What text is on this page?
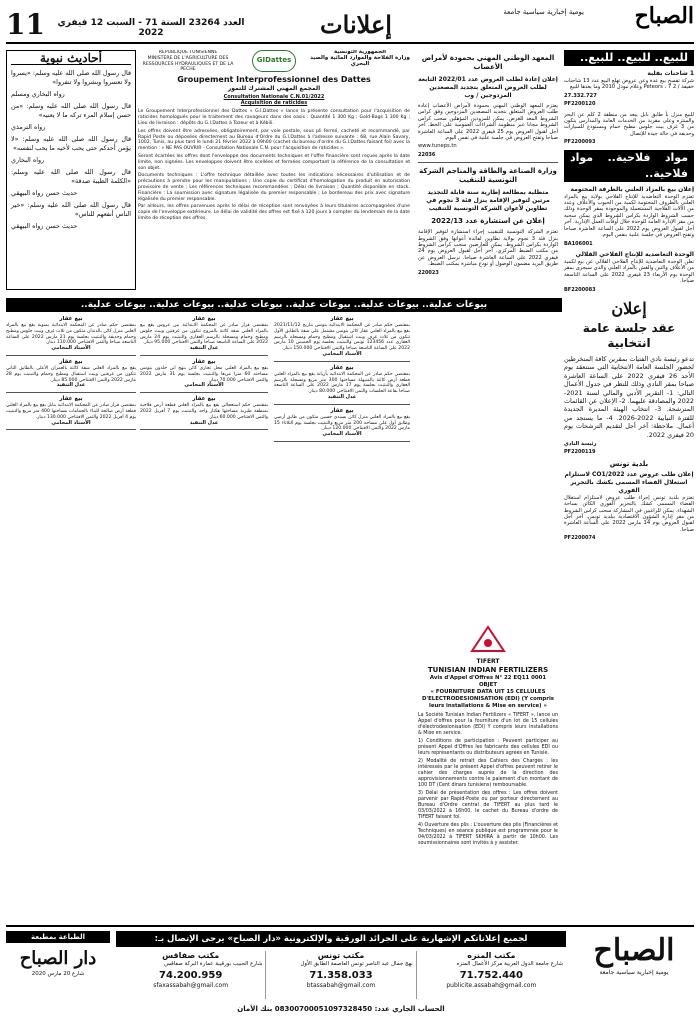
الصباح
يومية إخبارية سياسية جامعة
إعلانات
العدد 23264 السنة 71 - السبت 12 فيفري 2022
11
للبيع.. للبيع.. للبيع..
1 شاحنات بفلبة

شركة تفسخ بيع عدة وعن عروض تهلع البيع عدد 13 شاحنات خفيفة / 2 Peteors ، 7 وعلام مودل 2010 وما بعدها للبيع

27.332.727

PF2200120

للبيع منزل بأ طابق نابل يبعد من منطقة 2 كلم عن البحر والمنتزه وعلى مقربة من الخدمات العامة والمدارس يتكون من 3 غرف بيت جلوس مطبخ حمام ومستودع للسيارات وحديقة في حالة جيدة للإتصال

PF2200093
مواد فلاحية.. مواد فلاحية..
إعلان بيع بالمزاد العلني بالظرفة المختومة

تعتزم الوحدة التعاضدية للإنتاج الفلاحي بولاية بيع بالمزاد العلني بالظروف المختومة لكمية من الحبوب والأعلاف وعدد من الآلات الفلاحية المستعملة والموجودة بمقر الوحدة وذلك حسب الشروط الواردة بكراس الشروط الذي يمكن سحبه من مقر الإدارة العامة للوحدة خلال أوقات العمل الإدارية. آخر أجل لقبول العروض يوم 2022 على الساعة العاشرة صباحا وتفتح العروض في جلسة علنية بنفس اليوم.

BA106001
الوحدة التعاضدية للإنتاج الفلاحي القلالي

تعلن الوحدة التعاضدية للإنتاج الفلاحي القلالي عن بيع لكمية من الأعلاف والتبن والقش بالمزاد العلني والذي سيجرى بمقر الوحدة يوم الأربعاء 23 فيفري 2022 على الساعة التاسعة صباحا.

BF2200083
إعلان
عقد جلسة عامة انتخابية

تدعو رئيسة نادي الفتيات بمقرين كافة المنخرطين لحضور الجلسة العامة الانتخابية التي ستنعقد يوم الأحد 26 فيفري 2022 على الساعة العاشرة صباحا بمقر النادي وذلك للنظر في جدول الأعمال التالي: 1- التقرير الأدبي والمالي لسنة 2021-2022 والمصادقة عليهما. 2- الإعلان عن القائمات المترشحة. 3- انتخاب الهيئة المديرة الجديدة للفترة النيابية 2022-2026. 4- ما يستجد من أعمال. ملاحظة: آخر أجل لتقديم الترشحات يوم 20 فيفري 2022.

رئيسة النادي

PF2200119
بلدية تونس
إعلان طلب عروض عدد 2022/CO1 لاستلزام استغلال الفضاء المسمى بكشك بالتحرير الفوري

تعتزم بلدية تونس إجراء طلب عروض لاستلزام استغلال الفضاء المسمى كشك بالتحرير الفوري الكائن بساحة الشهداء. يمكن للراغبين في المشاركة سحب كراس الشروط من مقر إدارة الشؤون الاقتصادية ببلدية تونس. آخر أجل لقبول العروض يوم 14 مارس 2022 على الساعة العاشرة صباحا.

PF2200074
المعهد الوطني المهني بحمودة لأمراض الأعصاب
إعلان إعادة لطلب العروض عدد 2022/01 التابعة لطلب العروض المتعلق بتجديد المصعدين المزدوجين / وب

يعتزم المعهد الوطني المهني بحمودة لأمراض الأعصاب إعادة طلب العروض المتعلق بتجديد المصعدين المزدوجين وفق كراس الشروط المعد للغرض. يمكن للمزودين المؤهلين سحب كراس الشروط مجانا عبر منظومة الشراءات العمومية على الخط. آخر أجل لقبول العروض يوم 25 فيفري 2022 على الساعة العاشرة صباحا وتفتح العروض في جلسة علنية في نفس اليوم.

www.tuneps.tn

22036
وزارة الصناعة والطاقة والمناجم الشركة التونسية للتنقيب
متطلبة بمطالعة إطارية سنة قابلة للتجديد مرتين لتوفير الإقامة بنزل فئة 3 نجوم في تطاوين لأعوان الشركة التونسية للتنقيب
إعلان عن استشارة عدد 2022/13

تعتزم الشركة التونسية للتنقيب إجراء استشارة لتوفير الإقامة بنزل فئة 3 نجوم بولاية تطاوين لفائدة أعوانها وفق الشروط الواردة بكراس الشروط. يمكن للعارضين سحب كراس الشروط من مكتب الضبط المركزي. آخر أجل لقبول العروض يوم 24 فيفري 2022 على الساعة العاشرة صباحا. ترسل العروض عن طريق البريد مضمون الوصول أو تودع مباشرة بمكتب الضبط.

220023
REPUBLIQUE TUNISIENNE
MINISTERE DE L'AGRICULTURE DES RESSOURCES HYDRAULIQUES ET DE LA PECHE
GIDattes
الجمهورية التونسية
وزارة الفلاحة والموارد المائية والصيد البحري
Groupement Interprofessionnel des Dattes
المجمع المهني المشترك للتمور
Consultation Nationale C.N.01/2022
Acquisition de raticides

Le Groupement Interprofessionnel des Dattes « G.I.Dattes » lance la présente consultation pour l'acquisition de raticides homologués pour le traitement des ravageurs dans des oasis : Quantité 1 300 Kg ; Gold-Bags 1 300 Kg ; Lieu de livraison : dépôts du G.I.Dattes à Tozeur et à Kébili.

Les offres doivent être adressées, obligatoirement, par voie postale, sous pli fermé, cacheté et recommandé, par Rapid Poste ou déposées directement au Bureau d'Ordre du G.I.Dattes à l'adresse suivante : 68, rue Alain Savary, 1002, Tunis, au plus tard le lundi 21 février 2022 à 09h00 (cachet du bureau d'ordre du G.I.Dattes faisant foi) avec la mention : « NE PAS OUVRIR - Consultation Nationale C.N. pour l'acquisition de raticides ».

Seront écartées les offres dont l'enveloppe des documents techniques et l'offre financière sont reçues après la date limite, non signées. Les enveloppes doivent être scellées et fermées comportant la référence de la consultation et son objet.

Documents techniques : L'offre technique détaillée avec toutes les indications nécessaires d'utilisation et de précautions à prendre pour les manipulations ; Une copie du certificat d'homologation du produit en autorisation provisoire de vente ; Les références techniques recommandées ; Délai de livraison ; Quantité disponible en stock. Financière : La soumission avec signature légalisée du premier responsable ; Le bordereau des prix avec signature légalisée du premier responsable.

Par ailleurs, les offres parvenues après le délai de réception sont renvoyées à leurs titulaires accompagnées d'une copie de l'enveloppe extérieure. Le délai de validité des offres est fixé à 120 jours à compter du lendemain de la date limite de réception des offres.

أحاديث نبوية

قال رسول الله صلى الله عليه وسلم: «يسروا ولا تعسروا وبشروا ولا تنفروا»

رواه البخاري ومسلم

قال رسول الله صلى الله عليه وسلم: «من حسن إسلام المرء تركه ما لا يعنيه»

رواه الترمذي

قال رسول الله صلى الله عليه وسلم: «لا يؤمن أحدكم حتى يحب لأخيه ما يحب لنفسه»

رواه البخاري

قال رسول الله صلى الله عليه وسلم: «الكلمة الطيبة صدقة»

حديث حسن رواه البيهقي

قال رسول الله صلى الله عليه وسلم: «خير الناس أنفعهم للناس»

حديث حسن رواه البيهقي

بيوعات عدلية.. بيوعات عدلية.. بيوعات عدلية.. بيوعات عدلية.. بيوعات عدلية.. بيوعات عدلية..
بيع عقار

بمقتضى حكم صادر عن المحكمة الابتدائية بتونس بتاريخ 2021/11/12 يقع بيع بالمزاد العلني عقار كائن بتونس مشتمل على شقة بالطابق الأول تتكون من ثلاث غرف وبيت استقبال ومطبخ وحمام ومسجلة بالرسم العقاري عدد 123456 تونس والتبتيت بجلسة يوم الخميس 10 مارس 2022 على الساعة التاسعة صباحا والثمن الافتتاحي 150.000 دينار.

الأستاذ المحامي
بيع عقار

بمقتضى حكم صادر عن المحكمة الابتدائية بأريانة يقع بيع بالمزاد العلني قطعة أرض كائنة بالمنيهلة مساحتها 300 متر مربع ومسجلة بالرسم العقاري والتبتيت بجلسة يوم 17 مارس 2022 على الساعة التاسعة صباحا بقاعة الجلسات والثمن الافتتاحي 80.000 دينار.

عدل التنفيذ
بيع عقار

يقع بيع بالمزاد العلني منزل كائن بسيدي حسين متكون من طابق أرضي وطابق أول على مساحة 200 متر مربع والتبتيت بجلسة يوم الثلاثاء 15 مارس 2022 والثمن الافتتاحي 120.000 دينار.

الأستاذ المحامي
بيع عقار

بمقتضى قرار صادر عن المحكمة الابتدائية ببن عروس يقع بيع بالمزاد العلني شقة كائنة بالمروج تتكون من غرفتين وبيت جلوس ومطبخ وحمام ومسجلة بالرسم العقاري والتبتيت يوم 24 مارس 2022 على الساعة التاسعة صباحا والثمن الافتتاحي 95.000 دينار.

عدل التنفيذ
بيع عقار

يقع بيع بالمزاد العلني محل تجاري كائن بنهج ابن خلدون بتونس مساحته 60 مترا مربعا والتبتيت بجلسة يوم 31 مارس 2022 والثمن الافتتاحي 70.000 دينار.

الأستاذ المحامي
بيع عقار

بمقتضى حكم استعجالي يقع بيع بالمزاد العلني قطعة أرض فلاحية بمنطقة طبربة مساحتها هكتار واحد والتبتيت يوم 7 أفريل 2022 والثمن الافتتاحي 60.000 دينار.

عدل التنفيذ
بيع عقار

بمقتضى حكم صادر عن المحكمة الابتدائية بمنوبة يقع بيع بالمزاد العلني منزل كائن بالدندان متكون من ثلاث غرف وبيت جلوس ومطبخ وحمام وحديقة والتبتيت بجلسة يوم 21 مارس 2022 على الساعة التاسعة صباحا والثمن الافتتاحي 110.000 دينار.

الأستاذ المحامي
بيع عقار

يقع بيع بالمزاد العلني شقة كائنة بالعمران الأعلى بالطابق الثاني تتكون من غرفتين وبيت استقبال ومطبخ وحمام والتبتيت يوم 28 مارس 2022 والثمن الافتتاحي 85.000 دينار.

عدل التنفيذ
بيع عقار

بمقتضى قرار صادر عن المحكمة الابتدائية بنابل يقع بيع بالمزاد العلني قطعة أرض صالحة للبناء بالحمامات مساحتها 400 متر مربع والتبتيت يوم 4 أفريل 2022 والثمن الافتتاحي 130.000 دينار.

الأستاذ المحامي
TIFERT
TUNISIAN INDIAN FERTILIZERS
Avis d'Appel d'Offres N° 22 EQ11 0001
OBJET
« FOURNITURE DATA UIT 15 CELLULES D'ELECTRODESIONISATION (EDI) (Y compris leurs installations & Mise en service) »

La Société Tunisian Indian Fertilizers « TIFERT », lance un Appel d'offres pour la fourniture d'un lot de 15 cellules d'électrodesionisation (EDI) Y compris leurs installations & Mise en service.

1) Conditions de participation : Peuvent participer au présent Appel d'Offres les fabricants des cellules EDI ou leurs représentants ou distributeurs agréés en Tunisie.

2) Modalité de retrait des Cahiers des Charges : les intéressés par le présent Appel d'offres peuvent retirer le cahier des charges auprès de la direction des approvisionnements contre le paiement d'un montant de 100 DT (Cent dinars tunisiens) remboursable.

3) Délai de présentation des offres : Les offres doivent parvenir par Rapid-Poste ou par porteur directement au Bureau d'Ordre central de TIFERT au plus tard le 03/03/2022 à 16h00, le cachet du Bureau d'ordre de TIFERT faisant foi.

4) Ouverture des plis : L'ouverture des plis (Financières et Techniques) en séance publique est programmée pour le 04/03/2022 à TIFERT SKHIRA à partir de 10h00. Les soumissionnaires sont invités à y assister.

الصباح
يومية إخبارية سياسية جامعة
لجميع إعلاناتكم الإشهارية على الجرائد الورقية والإلكترونية «دار الصباح» يرجى الإتصال بـ:
مكتب المنزه
شارع جامعة الدول العربية مركز الأعمال المنزه
71.752.440
publicite.assabah@gmail.com
مكتب تونس
نهج جمال عبد الناصر تونس العاصمة الطابق الأول
71.358.033
btassabah@gmail.com
مكتب صفاقس
شارع الحبيب بورقيبة عمارة البركة صفاقس
74.200.959
sfaxassabah@gmail.com
الحساب الجاري عدد: 08300700051097328450 بنك الأمان
الطباعة بمطبعة
دار الصباح
شارع 20 مارس 2020
